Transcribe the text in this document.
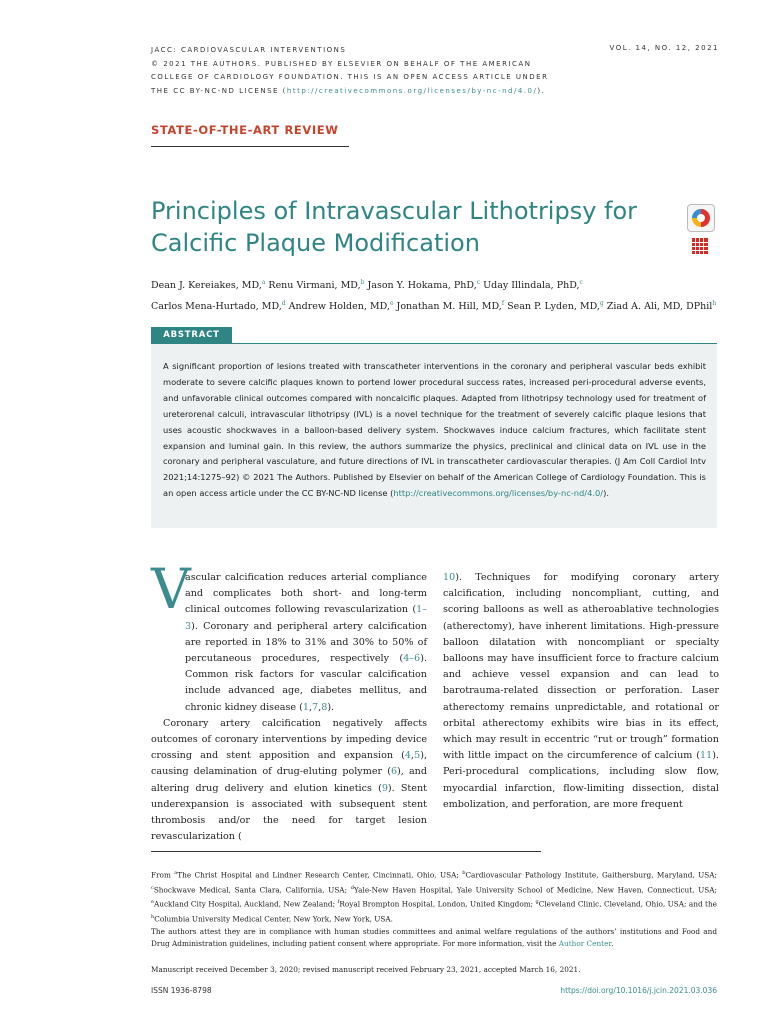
JACC: CARDIOVASCULAR INTERVENTIONS
© 2021 THE AUTHORS. PUBLISHED BY ELSEVIER ON BEHALF OF THE AMERICAN
COLLEGE OF CARDIOLOGY FOUNDATION. THIS IS AN OPEN ACCESS ARTICLE UNDER
THE CC BY-NC-ND LICENSE (http://creativecommons.org/licenses/by-nc-nd/4.0/).
VOL. 14, NO. 12, 2021
STATE-OF-THE-ART REVIEW
Principles of Intravascular Lithotripsy for Calcific Plaque Modification
Dean J. Kereiakes, MD,$^a$ Renu Virmani, MD,$^b$ Jason Y. Hokama, PhD,$^c$ Uday Illindala, PhD,$^c$
Carlos Mena-Hurtado, MD,$^d$ Andrew Holden, MD,$^e$ Jonathan M. Hill, MD,$^f$ Sean P. Lyden, MD,$^g$ Ziad A. Ali, MD, DPhil$^h$
ABSTRACT
A significant proportion of lesions treated with transcatheter interventions in the coronary and peripheral vascular beds exhibit moderate to severe calcific plaques known to portend lower procedural success rates, increased peri-procedural adverse events, and unfavorable clinical outcomes compared with noncalcific plaques. Adapted from lithotripsy technology used for treatment of ureterorenal calculi, intravascular lithotripsy (IVL) is a novel technique for the treatment of severely calcific plaque lesions that uses acoustic shockwaves in a balloon-based delivery system. Shockwaves induce calcium fractures, which facilitate stent expansion and luminal gain. In this review, the authors summarize the physics, preclinical and clinical data on IVL use in the coronary and peripheral vasculature, and future directions of IVL in transcatheter cardiovascular therapies. (J Am Coll Cardiol Intv 2021;14:1275–92) © 2021 The Authors. Published by Elsevier on behalf of the American College of Cardiology Foundation. This is an open access article under the CC BY-NC-ND license (http://creativecommons.org/licenses/by-nc-nd/4.0/).
V

ascular calcification reduces arterial compliance and complicates both short- and long-term clinical outcomes following revascularization (1–3). Coronary and peripheral artery calcification are reported in 18% to 31% and 30% to 50% of percutaneous procedures, respectively (4–6). Common risk factors for vascular calcification include advanced age, diabetes mellitus, and chronic kidney disease (1,7,8).

Coronary artery calcification negatively affects outcomes of coronary interventions by impeding device crossing and stent apposition and expansion (4,5), causing delamination of drug-eluting polymer (6), and altering drug delivery and elution kinetics (9). Stent underexpansion is associated with subsequent stent thrombosis and/or the need for target lesion revascularization (

10). Techniques for modifying coronary artery calcification, including noncompliant, cutting, and scoring balloons as well as atheroablative technologies (atherectomy), have inherent limitations. High-pressure balloon dilatation with noncompliant or specialty balloons may have insufficient force to fracture calcium and achieve vessel expansion and can lead to barotrauma-related dissection or perforation. Laser atherectomy remains unpredictable, and rotational or orbital atherectomy exhibits wire bias in its effect, which may result in eccentric “rut or trough” formation with little impact on the circumference of calcium (11). Peri-procedural complications, including slow flow, myocardial infarction, flow-limiting dissection, distal embolization, and perforation, are more frequent

From $^a$The Christ Hospital and Lindner Research Center, Cincinnati, Ohio, USA; $^b$Cardiovascular Pathology Institute, Gaithersburg, Maryland, USA; $^c$Shockwave Medical, Santa Clara, California, USA; $^d$Yale-New Haven Hospital, Yale University School of Medicine, New Haven, Connecticut, USA; $^e$Auckland City Hospital, Auckland, New Zealand; $^f$Royal Brompton Hospital, London, United Kingdom; $^g$Cleveland Clinic, Cleveland, Ohio, USA; and the $^h$Columbia University Medical Center, New York, New York, USA.

The authors attest they are in compliance with human studies committees and animal welfare regulations of the authors’ institutions and Food and Drug Administration guidelines, including patient consent where appropriate. For more information, visit the Author Center.

Manuscript received December 3, 2020; revised manuscript received February 23, 2021, accepted March 16, 2021.
ISSN 1936-8798	https://doi.org/10.1016/j.jcin.2021.03.036
